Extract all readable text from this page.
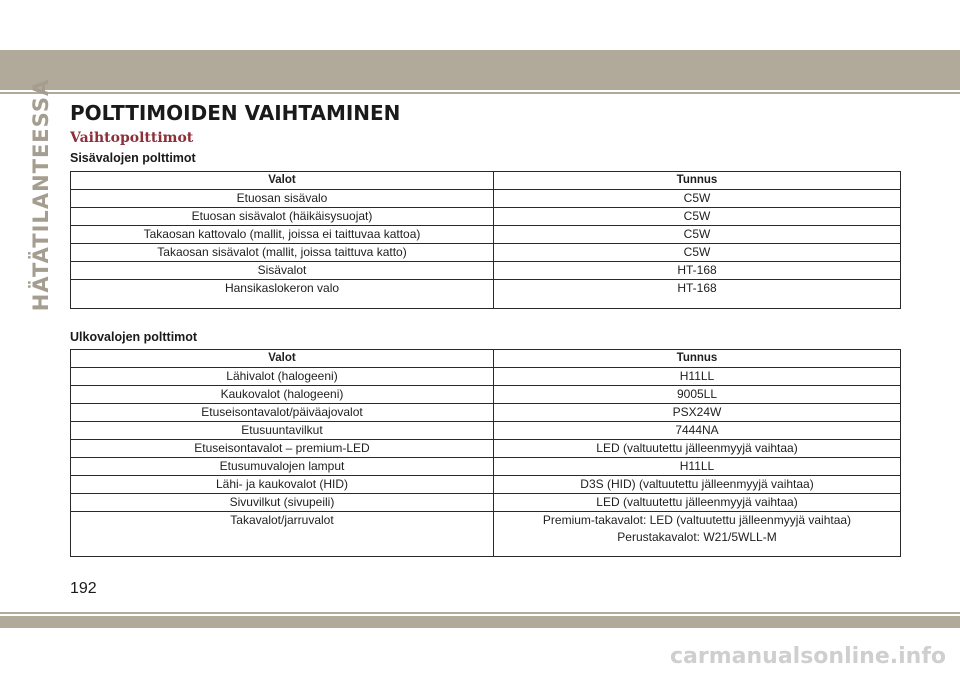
HÄTÄTILANTEESSA POLTTIMOIDEN VAIHTAMINEN
Vaihtopolttimot
Sisävalojen polttimot
Valot	Tunnus
Etuosan sisävalo	C5W
Etuosan sisävalot (häikäisysuojat)	C5W
Takaosan kattovalo (mallit, joissa ei taittuvaa kattoa)	C5W
Takaosan sisävalot (mallit, joissa taittuva katto)	C5W
Sisävalot	HT-168
Hansikaslokeron valo	HT-168
Ulkovalojen polttimot
Valot	Tunnus
Lähivalot (halogeeni)	H11LL
Kaukovalot (halogeeni)	9005LL
Etuseisontavalot/päiväajovalot	PSX24W
Etusuuntavilkut	7444NA
Etuseisontavalot – premium-LED	LED (valtuutettu jälleenmyyjä vaihtaa)
Etusumuvalojen lamput	H11LL
Lähi- ja kaukovalot (HID)	D3S (HID) (valtuutettu jälleenmyyjä vaihtaa)
Sivuvilkut (sivupeili)	LED (valtuutettu jälleenmyyjä vaihtaa)
Takavalot/jarruvalot	Premium-takavalot: LED (valtuutettu jälleenmyyjä vaihtaa)
Perustakavalot: W21/5WLL-M
192
carmanualsonline.info
